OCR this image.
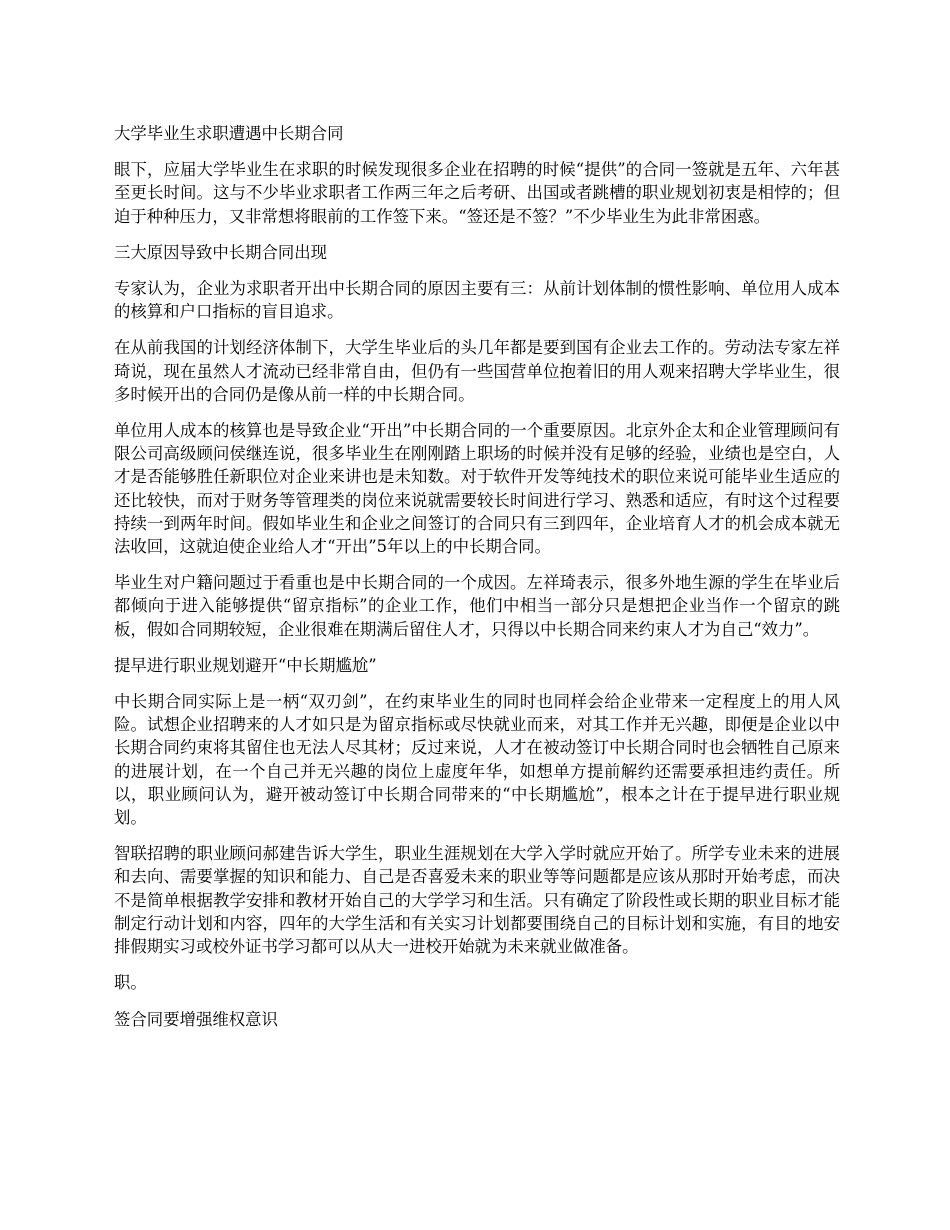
大学毕业生求职遭遇中长期合同

眼下，应届大学毕业生在求职的时候发现很多企业在招聘的时候“提供”的合同一签就是五年、六年甚至更长时间。这与不少毕业求职者工作两三年之后考研、出国或者跳槽的职业规划初衷是相悖的；但迫于种种压力，又非常想将眼前的工作签下来。“签还是不签？”不少毕业生为此非常困惑。

三大原因导致中长期合同出现

专家认为，企业为求职者开出中长期合同的原因主要有三：从前计划体制的惯性影响、单位用人成本的核算和户口指标的盲目追求。

在从前我国的计划经济体制下，大学生毕业后的头几年都是要到国有企业去工作的。劳动法专家左祥琦说，现在虽然人才流动已经非常自由，但仍有一些国营单位抱着旧的用人观来招聘大学毕业生，很多时候开出的合同仍是像从前一样的中长期合同。

单位用人成本的核算也是导致企业“开出”中长期合同的一个重要原因。北京外企太和企业管理顾问有限公司高级顾问侯继连说，很多毕业生在刚刚踏上职场的时候并没有足够的经验，业绩也是空白，人才是否能够胜任新职位对企业来讲也是未知数。对于软件开发等纯技术的职位来说可能毕业生适应的还比较快，而对于财务等管理类的岗位来说就需要较长时间进行学习、熟悉和适应，有时这个过程要持续一到两年时间。假如毕业生和企业之间签订的合同只有三到四年，企业培育人才的机会成本就无法收回，这就迫使企业给人才“开出”5年以上的中长期合同。

毕业生对户籍问题过于看重也是中长期合同的一个成因。左祥琦表示，很多外地生源的学生在毕业后都倾向于进入能够提供“留京指标”的企业工作，他们中相当一部分只是想把企业当作一个留京的跳板，假如合同期较短，企业很难在期满后留住人才，只得以中长期合同来约束人才为自己“效力”。

提早进行职业规划避开“中长期尴尬”

中长期合同实际上是一柄“双刃剑”，在约束毕业生的同时也同样会给企业带来一定程度上的用人风险。试想企业招聘来的人才如只是为留京指标或尽快就业而来，对其工作并无兴趣，即便是企业以中长期合同约束将其留住也无法人尽其材；反过来说，人才在被动签订中长期合同时也会牺牲自己原来的进展计划，在一个自己并无兴趣的岗位上虚度年华，如想单方提前解约还需要承担违约责任。所以，职业顾问认为，避开被动签订中长期合同带来的“中长期尴尬”，根本之计在于提早进行职业规划。

智联招聘的职业顾问郝建告诉大学生，职业生涯规划在大学入学时就应开始了。所学专业未来的进展和去向、需要掌握的知识和能力、自己是否喜爱未来的职业等等问题都是应该从那时开始考虑，而决不是简单根据教学安排和教材开始自己的大学学习和生活。只有确定了阶段性或长期的职业目标才能制定行动计划和内容，四年的大学生活和有关实习计划都要围绕自己的目标计划和实施，有目的地安排假期实习或校外证书学习都可以从大一进校开始就为未来就业做准备。

职。

签合同要增强维权意识
